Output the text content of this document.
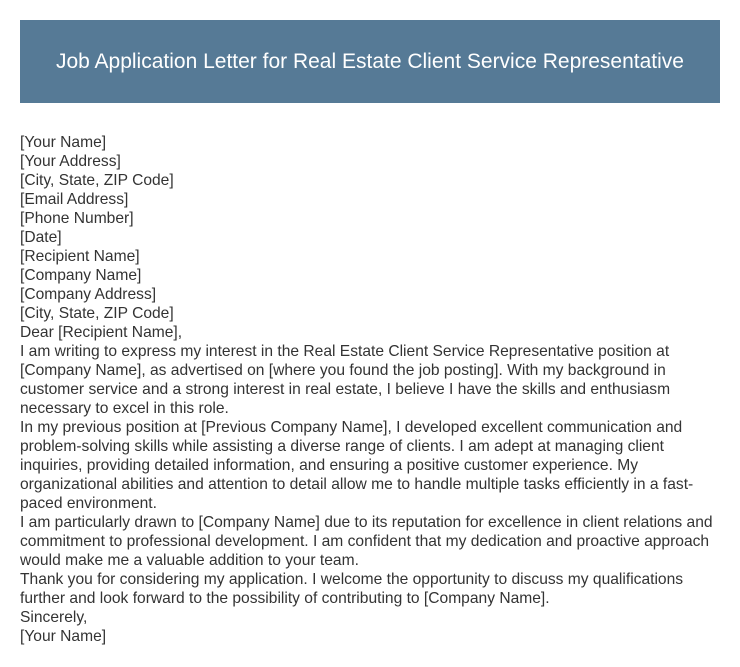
Job Application Letter for Real Estate Client Service Representative

[Your Name]

[Your Address]

[City, State, ZIP Code]

[Email Address]

[Phone Number]

[Date]

[Recipient Name]

[Company Name]

[Company Address]

[City, State, ZIP Code]

Dear [Recipient Name],

I am writing to express my interest in the Real Estate Client Service Representative position at [Company Name], as advertised on [where you found the job posting]. With my background in customer service and a strong interest in real estate, I believe I have the skills and enthusiasm necessary to excel in this role.

In my previous position at [Previous Company Name], I developed excellent communication and problem-solving skills while assisting a diverse range of clients. I am adept at managing client inquiries, providing detailed information, and ensuring a positive customer experience. My organizational abilities and attention to detail allow me to handle multiple tasks efficiently in a fast-paced environment.

I am particularly drawn to [Company Name] due to its reputation for excellence in client relations and commitment to professional development. I am confident that my dedication and proactive approach would make me a valuable addition to your team.

Thank you for considering my application. I welcome the opportunity to discuss my qualifications further and look forward to the possibility of contributing to [Company Name].

Sincerely,

[Your Name]
